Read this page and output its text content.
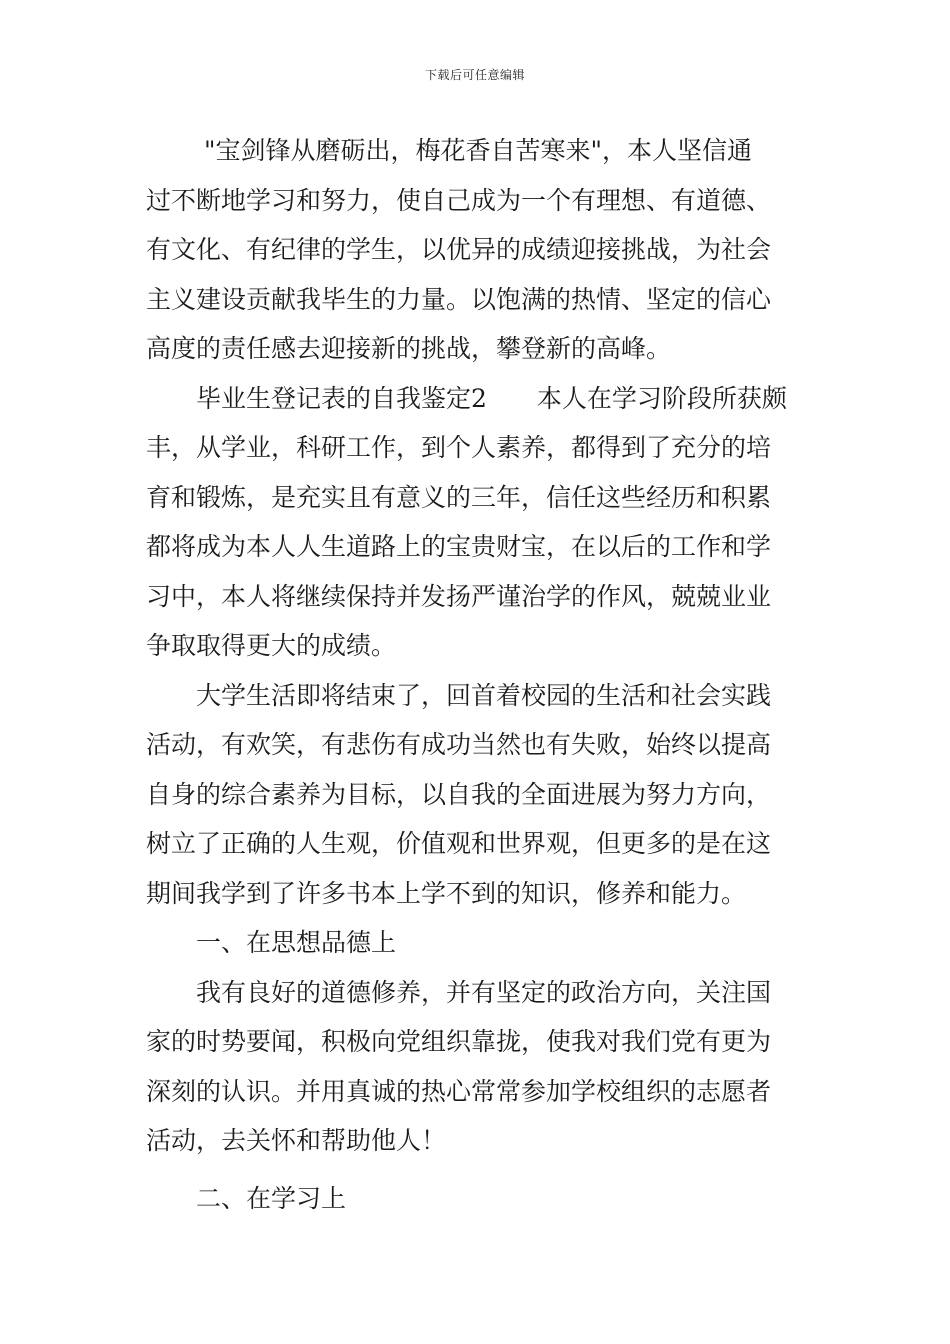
下载后可任意编辑
"宝剑锋从磨砺出，梅花香自苦寒来"，本人坚信通
过不断地学习和努力，使自己成为一个有理想、有道德、
有文化、有纪律的学生，以优异的成绩迎接挑战，为社会
主义建设贡献我毕生的力量。以饱满的热情、坚定的信心
高度的责任感去迎接新的挑战，攀登新的高峰。
毕业生登记表的自我鉴定2　　本人在学习阶段所获颇
丰，从学业，科研工作，到个人素养，都得到了充分的培
育和锻炼，是充实且有意义的三年，信任这些经历和积累
都将成为本人人生道路上的宝贵财宝，在以后的工作和学
习中，本人将继续保持并发扬严谨治学的作风，兢兢业业
争取取得更大的成绩。
大学生活即将结束了，回首着校园的生活和社会实践
活动，有欢笑，有悲伤有成功当然也有失败，始终以提高
自身的综合素养为目标，以自我的全面进展为努力方向，
树立了正确的人生观，价值观和世界观，但更多的是在这
期间我学到了许多书本上学不到的知识，修养和能力。
一、在思想品德上
我有良好的道德修养，并有坚定的政治方向，关注国
家的时势要闻，积极向党组织靠拢，使我对我们党有更为
深刻的认识。并用真诚的热心常常参加学校组织的志愿者
活动，去关怀和帮助他人！
二、在学习上
